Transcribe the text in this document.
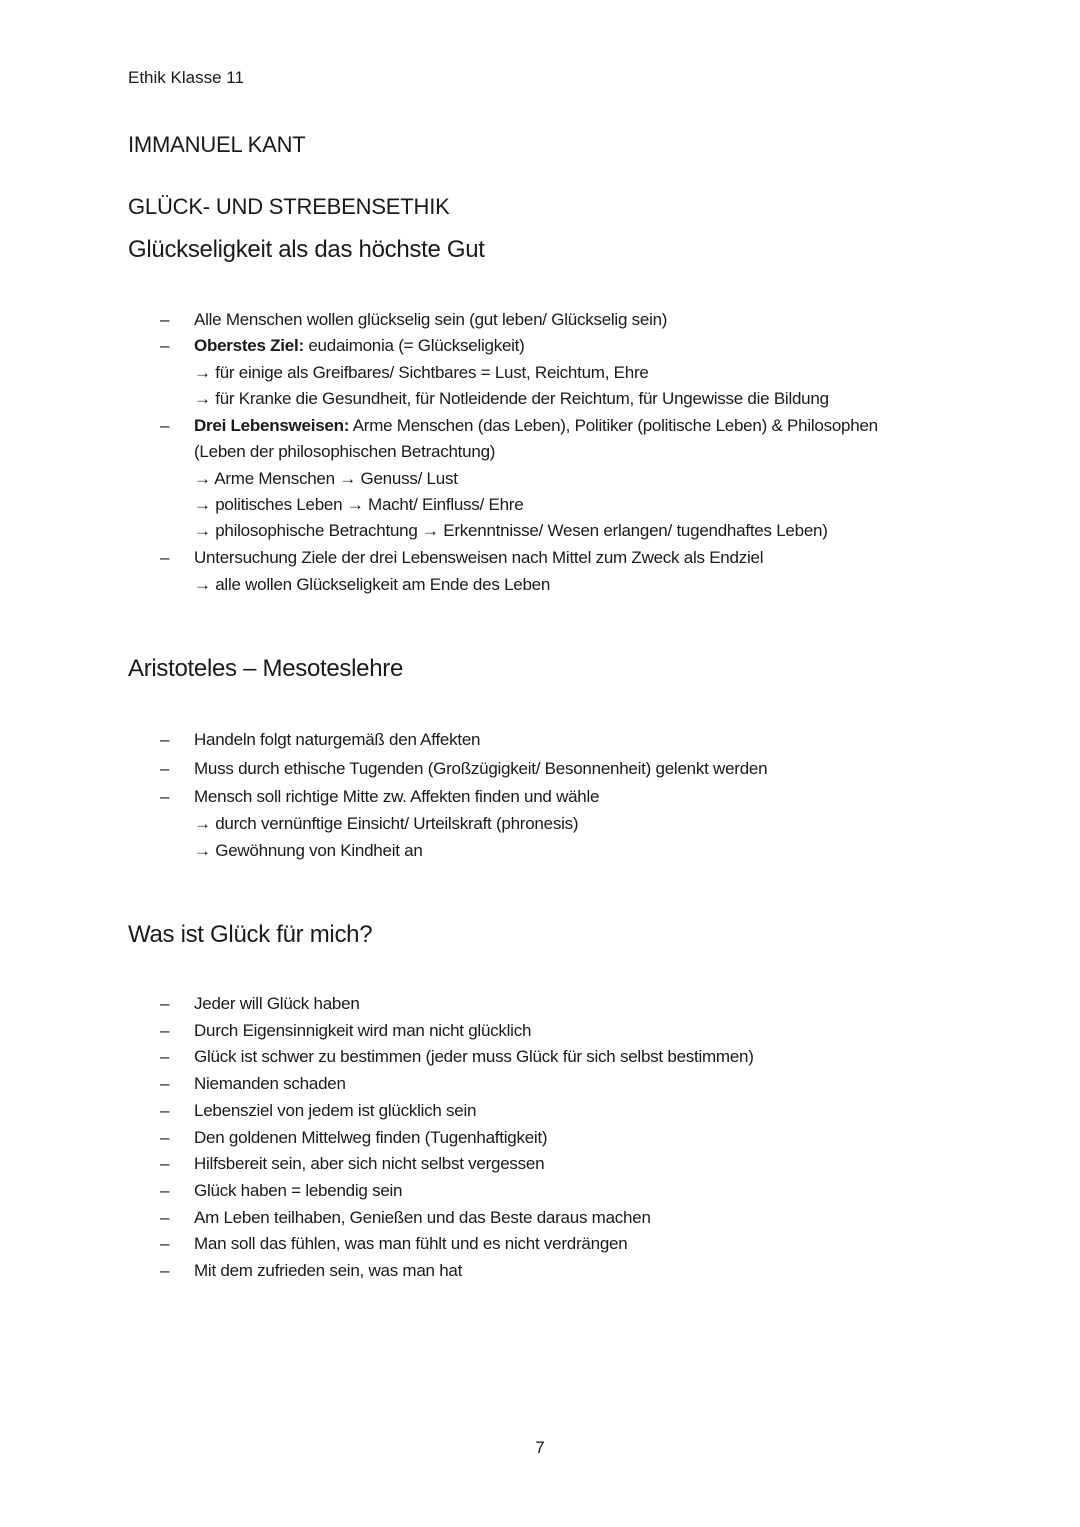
Ethik Klasse 11
IMMANUEL KANT
GLÜCK- UND STREBENSETHIK
Glückseligkeit als das höchste Gut
– Alle Menschen wollen glückselig sein (gut leben/ Glückselig sein)
– Oberstes Ziel: eudaimonia (= Glückseligkeit)
→ für einige als Greifbares/ Sichtbares = Lust, Reichtum, Ehre
→ für Kranke die Gesundheit, für Notleidende der Reichtum, für Ungewisse die Bildung
– Drei Lebensweisen: Arme Menschen (das Leben), Politiker (politische Leben) & Philosophen
(Leben der philosophischen Betrachtung)
→ Arme Menschen → Genuss/ Lust
→ politisches Leben → Macht/ Einfluss/ Ehre
→ philosophische Betrachtung → Erkenntnisse/ Wesen erlangen/ tugendhaftes Leben)
– Untersuchung Ziele der drei Lebensweisen nach Mittel zum Zweck als Endziel
→ alle wollen Glückseligkeit am Ende des Leben
Aristoteles – Mesoteslehre
– Handeln folgt naturgemäß den Affekten
– Muss durch ethische Tugenden (Großzügigkeit/ Besonnenheit) gelenkt werden
– Mensch soll richtige Mitte zw. Affekten finden und wähle
→ durch vernünftige Einsicht/ Urteilskraft (phronesis)
→ Gewöhnung von Kindheit an
Was ist Glück für mich?
– Jeder will Glück haben
– Durch Eigensinnigkeit wird man nicht glücklich
– Glück ist schwer zu bestimmen (jeder muss Glück für sich selbst bestimmen)
– Niemanden schaden
– Lebensziel von jedem ist glücklich sein
– Den goldenen Mittelweg finden (Tugenhaftigkeit)
– Hilfsbereit sein, aber sich nicht selbst vergessen
– Glück haben = lebendig sein
– Am Leben teilhaben, Genießen und das Beste daraus machen
– Man soll das fühlen, was man fühlt und es nicht verdrängen
– Mit dem zufrieden sein, was man hat
7
